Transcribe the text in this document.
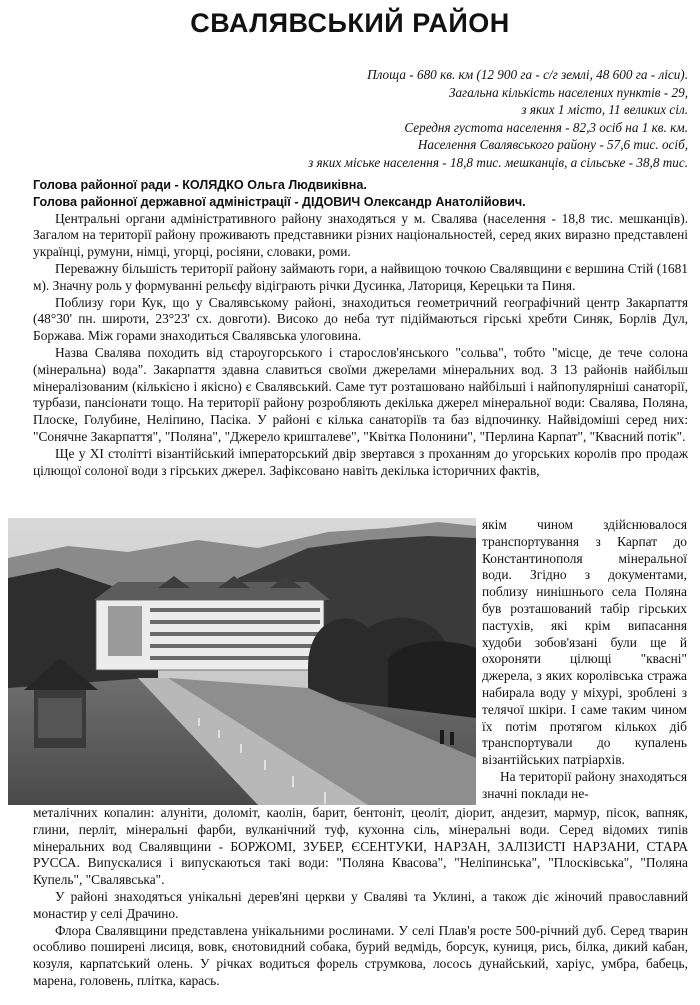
СВАЛЯВСЬКИЙ РАЙОН
Площа - 680 кв. км (12 900 га - с/г землі, 48 600 га - ліси).
Загальна кількість населених пунктів - 29,
з яких 1 місто, 11 великих сіл.
Середня густота населення - 82,3 осіб на 1 кв. км.
Населення Свалявського району - 57,6 тис. осіб,
з яких міське населення - 18,8 тис. мешканців, а сільське - 38,8 тис.

Голова районної ради - КОЛЯДКО Ольга Людвиківна.

Голова районної державної адміністрації - ДІДОВИЧ Олександр Анатолійович.

Центральні органи адміністративного району знаходяться у м. Свалява (населення - 18,8 тис. мешканців). Загалом на території району проживають представники різних національностей, серед яких виразно представлені українці, румуни, німці, угорці, росіяни, словаки, роми.

Переважну більшість території району займають гори, а найвищою точкою Свалявщини є вершина Стій (1681 м). Значну роль у формуванні рельєфу відіграють річки Дусинка, Латориця, Керецьки та Пиня.

Поблизу гори Кук, що у Свалявському районі, знаходиться геометричний географічний центр Закарпаття (48°30' пн. широти, 23°23' сх. довготи). Високо до неба тут підіймаються гірські хребти Синяк, Борлів Дул, Боржава. Між горами знаходиться Свалявська улоговина.

Назва Свалява походить від староугорського і старослов'янського "сольва", тобто "місце, де тече солона (мінеральна) вода". Закарпаття здавна славиться своїми джерелами мінеральних вод. З 13 районів найбільш мінералізованим (кількісно і якісно) є Свалявський. Саме тут розташовано найбільші і найпопулярніші санаторії, турбази, пансіонати тощо. На території району розробляють декілька джерел мінеральної води: Свалява, Поляна, Плоске, Голубине, Неліпино, Пасіка. У районі є кілька санаторіїв та баз відпочинку. Найвідоміші серед них: "Сонячне Закарпаття", "Поляна", "Джерело кришталеве", "Квітка Полонини", "Перлина Карпат", "Квасний потік".

Ще у XI столітті візантійський імператорський двір звертався з проханням до угорських королів про продаж цілющої солоної води з гірських джерел. Зафіксовано навіть декілька історичних фактів,

якім чином здійснювалося транспортування з Карпат до Константинополя мінеральної води. Згідно з документами, поблизу нинішнього села Поляна був розташований табір гірських пастухів, які крім випасання худоби зобов'язані були ще й охороняти цілющі "квасні" джерела, з яких королівська стража набирала воду у міхурі, зроблені з телячої шкіри. І саме таким чином їх потім протягом кількох діб транспортували до купалень візантійських патріархів.

На території району знаходяться значні поклади не-

металічних копалин: алуніти, доломіт, каолін, барит, бентоніт, цеоліт, діорит, андезит, мармур, пісок, вапняк, глини, перліт, мінеральні фарби, вулканічний туф, кухонна сіль, мінеральні води. Серед відомих типів мінеральних вод Свалявщини - БОРЖОМІ, ЗУБЕР, ЄСЕНТУКИ, НАРЗАН, ЗАЛІЗИСТІ НАРЗАНИ, СТАРА РУССА. Випускалися і випускаються такі води: "Поляна Квасова", "Неліпинська", "Плосківська", "Поляна Купель", "Свалявська".

У районі знаходяться унікальні дерев'яні церкви у Сваляві та Уклині, а також діє жіночий православний монастир у селі Драчино.

Флора Свалявщини представлена унікальними рослинами. У селі Плав'я росте 500-річний дуб. Серед тварин особливо поширені лисиця, вовк, єнотовидний собака, бурий ведмідь, борсук, куниця, рись, білка, дикий кабан, козуля, карпатський олень. У річках водиться форель струмкова, лосось дунайський, харіус, умбра, бабець, марена, головень, плітка, карась.
